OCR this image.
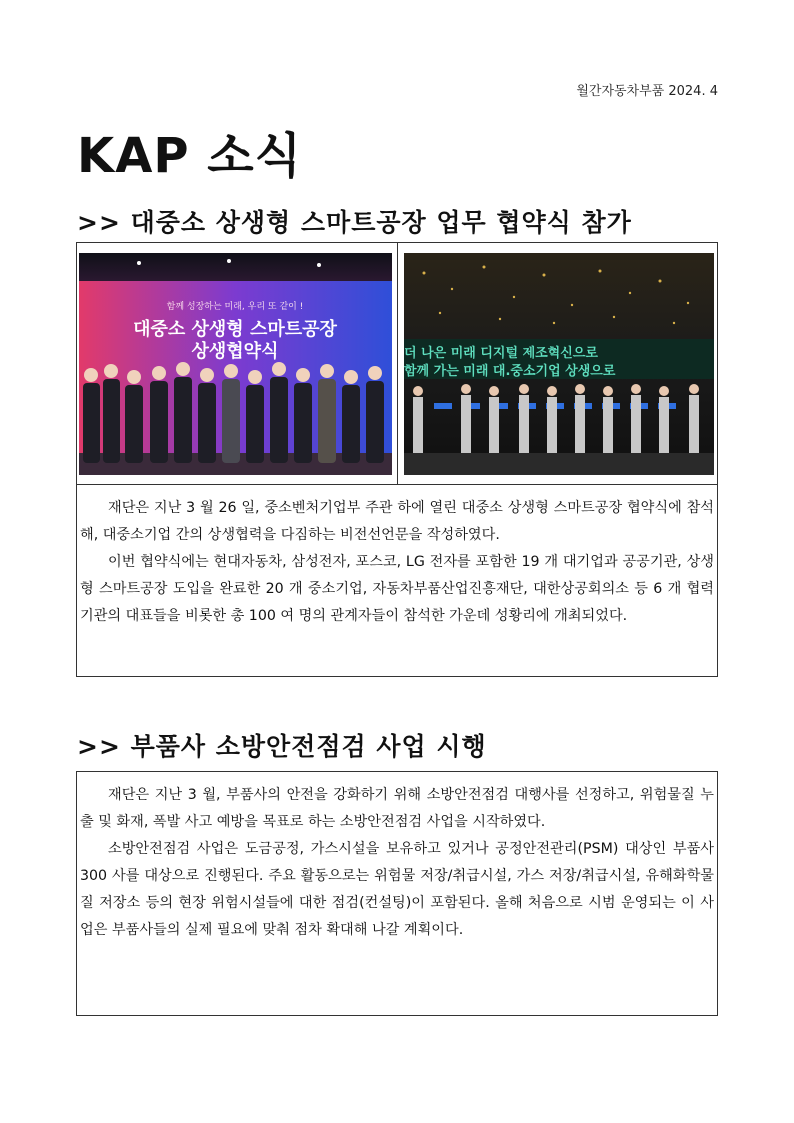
월간자동차부품 2024. 4
KAP 소식
>> 대중소 상생형 스마트공장 업무 협약식 참가
함께 성장하는 미래, 우리 또 같이 !
대중소 상생형 스마트공장
상생협약식	더 나은 미래 디지털 제조혁신으로
함께 가는 미래 대.중소기업 상생으로

재단은 지난 3 월 26 일, 중소벤처기업부 주관 하에 열린 대중소 상생형 스마트공장 협약식에 참석해, 대중소기업 간의 상생협력을 다짐하는 비전선언문을 작성하였다.

이번 협약식에는 현대자동차, 삼성전자, 포스코, LG 전자를 포함한 19 개 대기업과 공공기관, 상생형 스마트공장 도입을 완료한 20 개 중소기업, 자동차부품산업진흥재단, 대한상공회의소 등 6 개 협력기관의 대표들을 비롯한 총 100 여 명의 관계자들이 참석한 가운데 성황리에 개최되었다.

>> 부품사 소방안전점검 사업 시행

재단은 지난 3 월, 부품사의 안전을 강화하기 위해 소방안전점검 대행사를 선정하고, 위험물질 누출 및 화재, 폭발 사고 예방을 목표로 하는 소방안전점검 사업을 시작하였다.

소방안전점검 사업은 도금공정, 가스시설을 보유하고 있거나 공정안전관리(PSM) 대상인 부품사 300 사를 대상으로 진행된다. 주요 활동으로는 위험물 저장/취급시설, 가스 저장/취급시설, 유해화학물질 저장소 등의 현장 위험시설들에 대한 점검(컨설팅)이 포함된다. 올해 처음으로 시범 운영되는 이 사업은 부품사들의 실제 필요에 맞춰 점차 확대해 나갈 계획이다.
